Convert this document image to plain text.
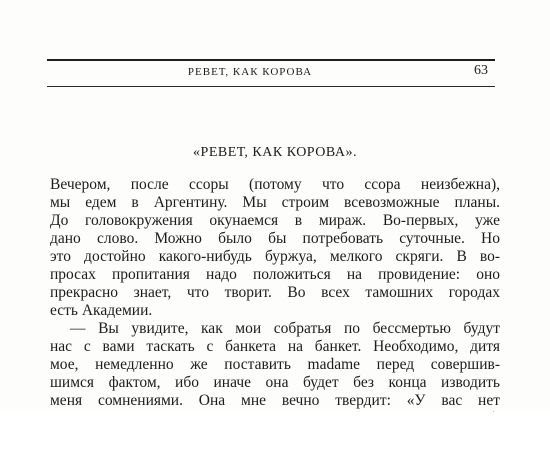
РЕВЕТ, КАК КОРОВА	63
«РЕВЕТ, КАК КОРОВА».
Вечером, после ссоры (потому что ссора неизбежна),
мы едем в Аргентину. Мы строим всевозможные планы.
До головокружения окунаемся в мираж. Во-первых, уже
дано слово. Можно было бы потребовать суточные. Но
это достойно какого-нибудь буржуа, мелкого скряги. В во-
просах пропитания надо положиться на провидение: оно
прекрасно знает, что творит. Во всех тамошних городах
есть Академии.
— Вы увидите, как мои собратья по бессмертью будут
нас с вами таскать с банкета на банкет. Необходимо, дитя
мое, немедленно же поставить madame перед совершив-
шимся фактом, ибо иначе она будет без конца изводить
меня сомнениями. Она мне вечно твердит: «У вас нет
